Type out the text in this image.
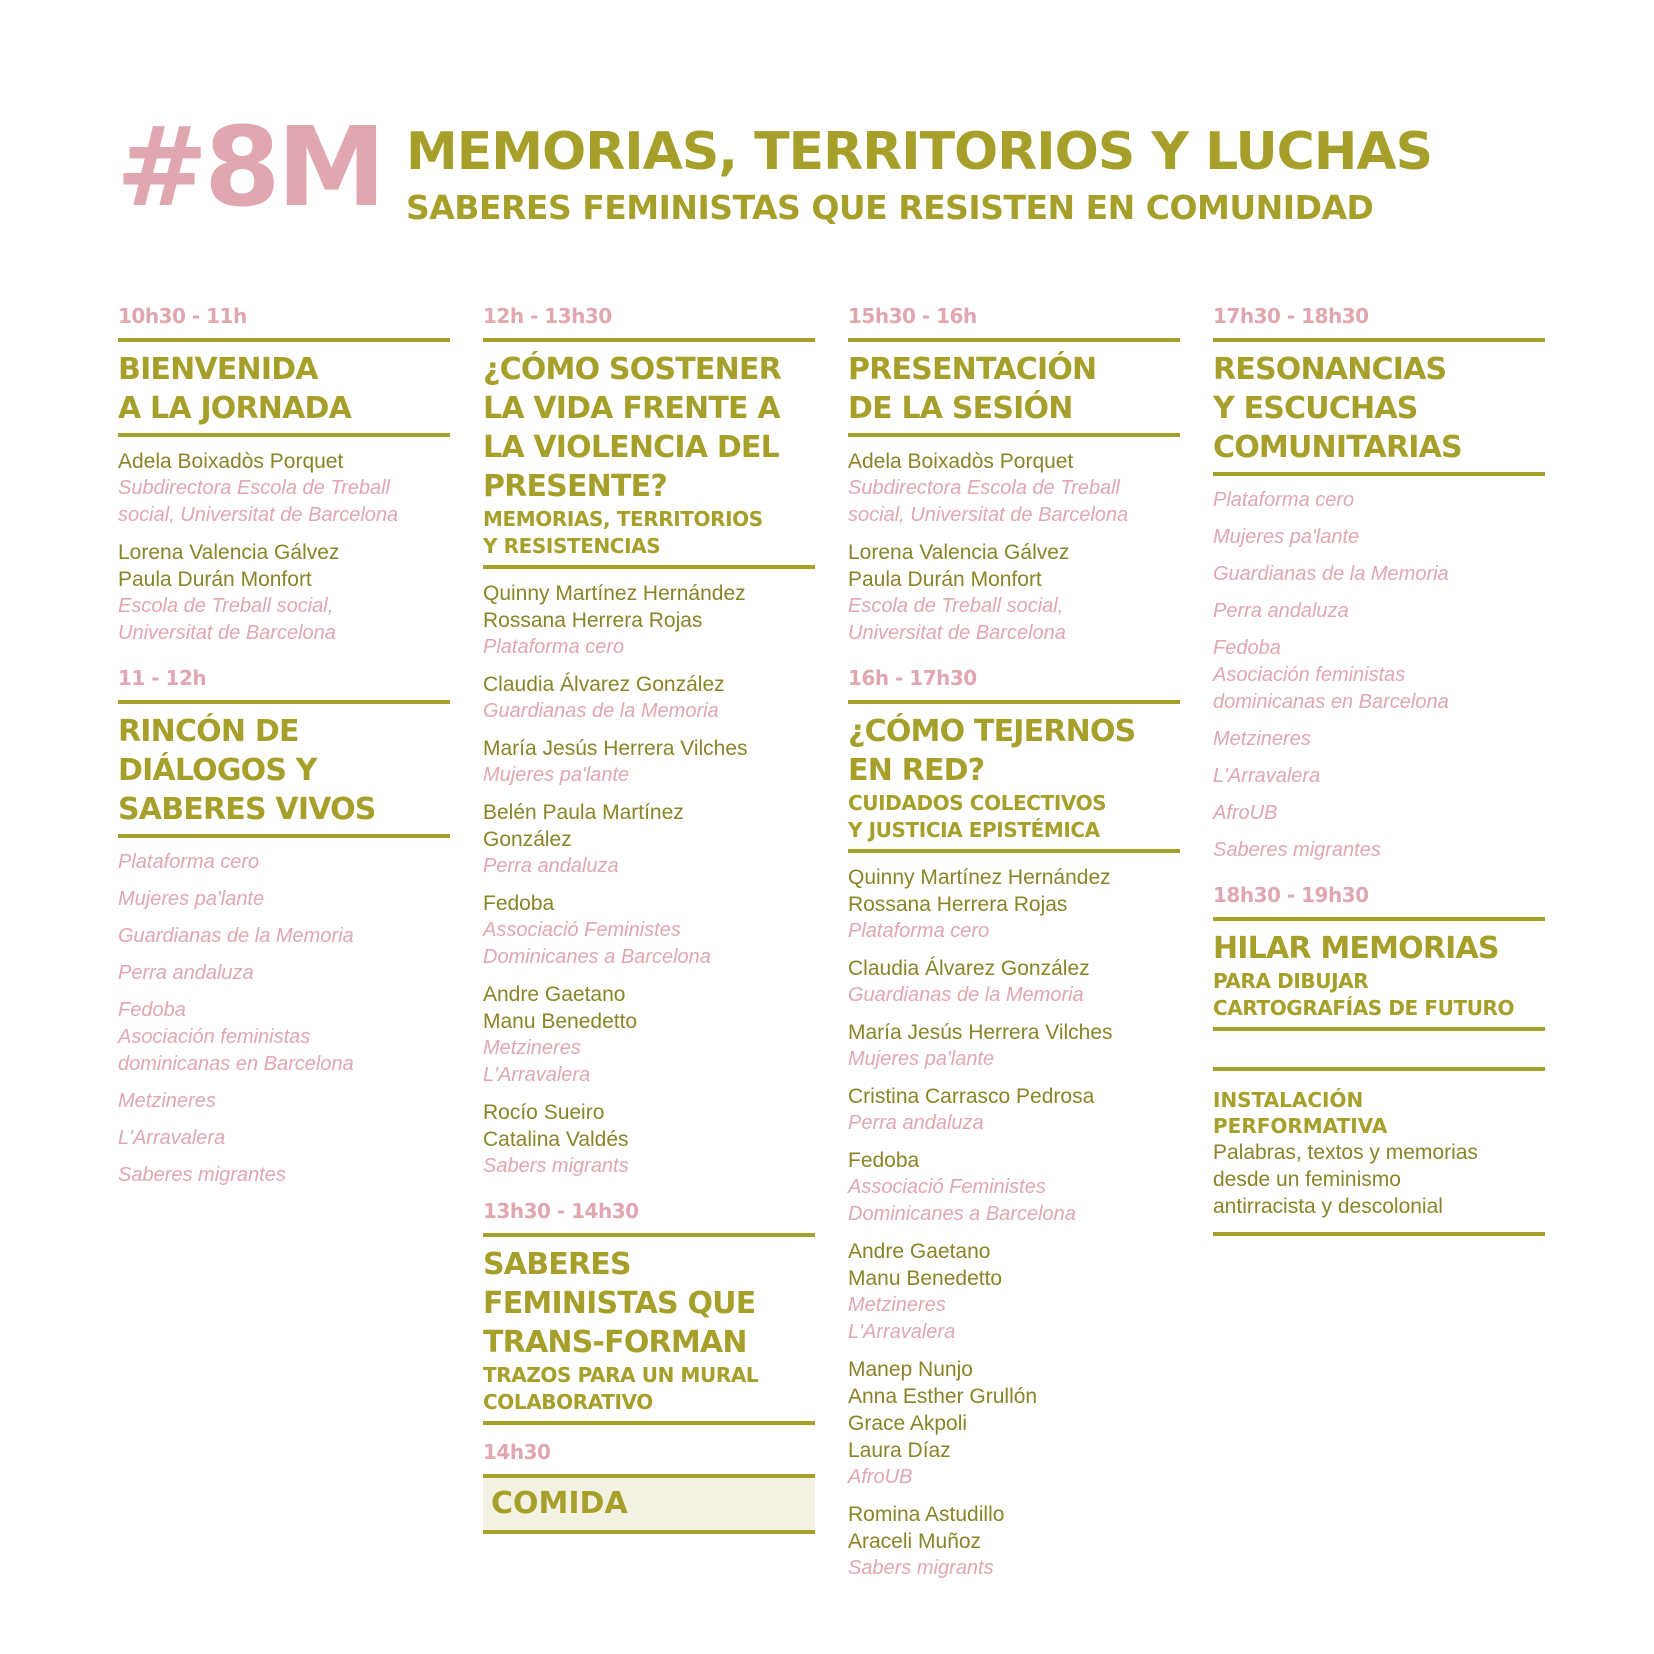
#8M MEMORIAS, TERRITORIOS Y LUCHAS
SABERES FEMINISTAS QUE RESISTEN EN COMUNIDAD
10h30 - 11h
BIENVENIDA
A LA JORNADA
Adela Boixadòs Porquet
Subdirectora Escola de Treball social, Universitat de Barcelona
Lorena Valencia Gálvez
Paula Durán Monfort
Escola de Treball social,
Universitat de Barcelona
11 - 12h
RINCÓN DE
DIÁLOGOS Y
SABERES VIVOS
Plataforma cero
Mujeres pa'lante
Guardianas de la Memoria
Perra andaluza
Fedoba
Asociación feministas
dominicanas en Barcelona
Metzineres
L'Arravalera
Saberes migrantes
12h - 13h30
¿CÓMO SOSTENER
LA VIDA FRENTE A
LA VIOLENCIA DEL
PRESENTE?
MEMORIAS, TERRITORIOS
Y RESISTENCIAS
Quinny Martínez Hernández
Rossana Herrera Rojas
Plataforma cero
Claudia Álvarez González
Guardianas de la Memoria
María Jesús Herrera Vilches
Mujeres pa'lante
Belén Paula Martínez
González
Perra andaluza
Fedoba
Associació Feministes
Dominicanes a Barcelona
Andre Gaetano
Manu Benedetto
Metzineres
L'Arravalera
Rocío Sueiro
Catalina Valdés
Sabers migrants
13h30 - 14h30
SABERES
FEMINISTAS QUE
TRANS-FORMAN
TRAZOS PARA UN MURAL
COLABORATIVO
14h30
COMIDA
15h30 - 16h
PRESENTACIÓN
DE LA SESIÓN
Adela Boixadòs Porquet
Subdirectora Escola de Treball social, Universitat de Barcelona
Lorena Valencia Gálvez
Paula Durán Monfort
Escola de Treball social,
Universitat de Barcelona
16h - 17h30
¿CÓMO TEJERNOS
EN RED?
CUIDADOS COLECTIVOS
Y JUSTICIA EPISTÉMICA
Quinny Martínez Hernández
Rossana Herrera Rojas
Plataforma cero
Claudia Álvarez González
Guardianas de la Memoria
María Jesús Herrera Vilches
Mujeres pa'lante
Cristina Carrasco Pedrosa
Perra andaluza
Fedoba
Associació Feministes
Dominicanes a Barcelona
Andre Gaetano
Manu Benedetto
Metzineres
L'Arravalera
Manep Nunjo
Anna Esther Grullón
Grace Akpoli
Laura Díaz
AfroUB
Romina Astudillo
Araceli Muñoz
Sabers migrants
17h30 - 18h30
RESONANCIAS
Y ESCUCHAS
COMUNITARIAS
Plataforma cero
Mujeres pa'lante
Guardianas de la Memoria
Perra andaluza
Fedoba
Asociación feministas
dominicanas en Barcelona
Metzineres
L'Arravalera
AfroUB
Saberes migrantes
18h30 - 19h30
HILAR MEMORIAS
PARA DIBUJAR
CARTOGRAFÍAS DE FUTURO
INSTALACIÓN
PERFORMATIVA
Palabras, textos y memorias
desde un feminismo
antirracista y descolonial
